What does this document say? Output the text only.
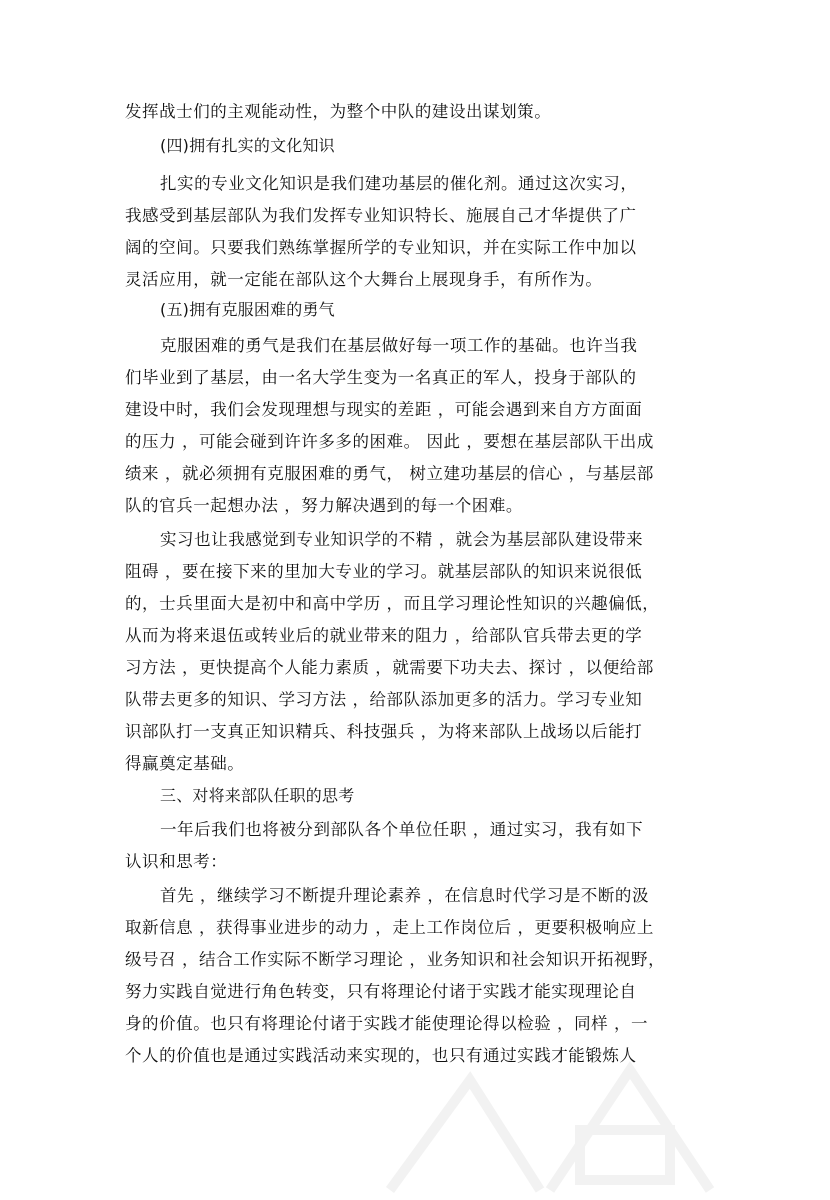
发挥战士们的主观能动性，为整个中队的建设出谋划策。
(四)拥有扎实的文化知识
扎实的专业文化知识是我们建功基层的催化剂。通过这次实习，
我感受到基层部队为我们发挥专业知识特长、施展自己才华提供了广
阔的空间。只要我们熟练掌握所学的专业知识，并在实际工作中加以
灵活应用，就一定能在部队这个大舞台上展现身手，有所作为。
(五)拥有克服困难的勇气
克服困难的勇气是我们在基层做好每一项工作的基础。也许当我
们毕业到了基层，由一名大学生变为一名真正的军人，投身于部队的
建设中时，我们会发现理想与现实的差距 ，可能会遇到来自方方面面
的压力 ，可能会碰到许许多多的困难。 因此 ，要想在基层部队干出成
绩来 ，就必须拥有克服困难的勇气， 树立建功基层的信心 ，与基层部
队的官兵一起想办法 ，努力解决遇到的每一个困难。
实习也让我感觉到专业知识学的不精 ，就会为基层部队建设带来
阻碍 ，要在接下来的里加大专业的学习。就基层部队的知识来说很低
的，士兵里面大是初中和高中学历 ，而且学习理论性知识的兴趣偏低，
从而为将来退伍或转业后的就业带来的阻力 ，给部队官兵带去更的学
习方法 ，更快提高个人能力素质 ，就需要下功夫去、探讨 ，以便给部
队带去更多的知识、学习方法 ，给部队添加更多的活力。学习专业知
识部队打一支真正知识精兵、科技强兵 ，为将来部队上战场以后能打
得赢奠定基础。
三、对将来部队任职的思考
一年后我们也将被分到部队各个单位任职 ，通过实习，我有如下
认识和思考：
首先 ，继续学习不断提升理论素养 ，在信息时代学习是不断的汲
取新信息 ，获得事业进步的动力 ，走上工作岗位后 ，更要积极响应上
级号召 ，结合工作实际不断学习理论 ，业务知识和社会知识开拓视野，
努力实践自觉进行角色转变，只有将理论付诸于实践才能实现理论自
身的价值。也只有将理论付诸于实践才能使理论得以检验 ，同样 ，一
个人的价值也是通过实践活动来实现的，也只有通过实践才能锻炼人
